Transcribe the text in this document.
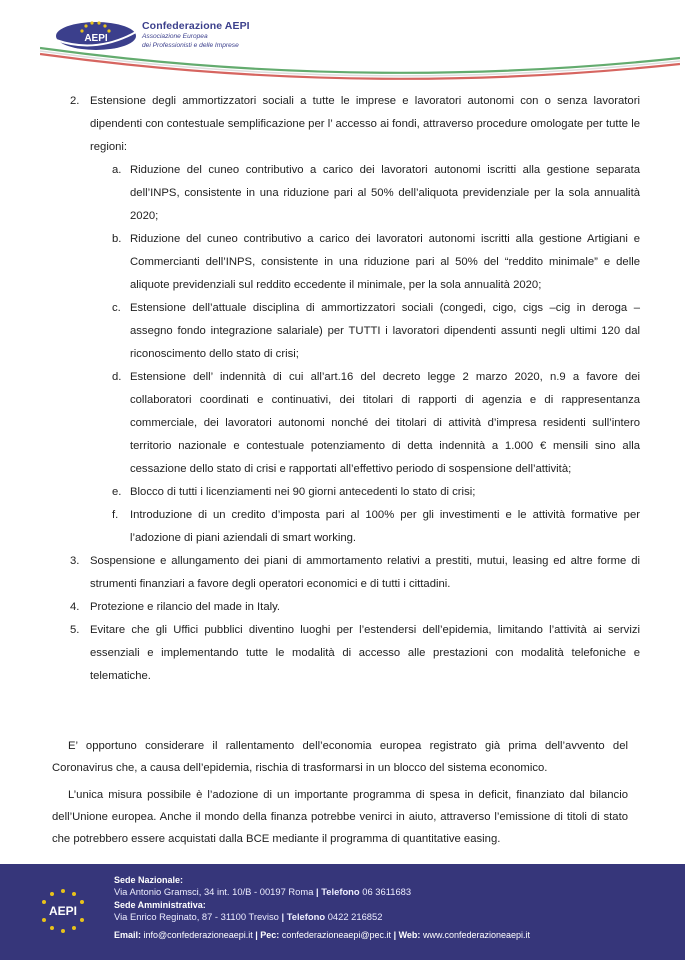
AEPI
Confederazione AEPI
Associazione Europea
dei Professionisti e delle Imprese
2. Estensione degli ammortizzatori sociali a tutte le imprese e lavoratori autonomi con o senza lavoratori dipendenti con contestuale semplificazione per l’ accesso ai fondi, attraverso procedure omologate per tutte le regioni:
a. Riduzione del cuneo contributivo a carico dei lavoratori autonomi iscritti alla gestione separata dell’INPS, consistente in una riduzione pari al 50% dell’aliquota previdenziale per la sola annualità 2020;
b. Riduzione del cuneo contributivo a carico dei lavoratori autonomi iscritti alla gestione Artigiani e Commercianti dell’INPS, consistente in una riduzione pari al 50% del “reddito minimale” e delle aliquote previdenziali sul reddito eccedente il minimale, per la sola annualità 2020;
c. Estensione dell’attuale disciplina di ammortizzatori sociali (congedi, cigo, cigs –cig in deroga – assegno fondo integrazione salariale) per TUTTI i lavoratori dipendenti assunti negli ultimi 120 dal riconoscimento dello stato di crisi;
d. Estensione dell’ indennità di cui all’art.16 del decreto legge 2 marzo 2020, n.9 a favore dei collaboratori coordinati e continuativi, dei titolari di rapporti di agenzia e di rappresentanza commerciale, dei lavoratori autonomi nonché dei titolari di attività d’impresa residenti sull’intero territorio nazionale e contestuale potenziamento di detta indennità a 1.000 € mensili sino alla cessazione dello stato di crisi e rapportati all’effettivo periodo di sospensione dell’attività;
e. Blocco di tutti i licenziamenti nei 90 giorni antecedenti lo stato di crisi;
f.	Introduzione di un credito d’imposta pari al 100% per gli investimenti e le attività formative per l’adozione di piani aziendali di smart working.
3. Sospensione e allungamento dei piani di ammortamento relativi a prestiti, mutui, leasing ed altre forme di strumenti finanziari a favore degli operatori economici e di tutti i cittadini.
4. Protezione e rilancio del made in Italy.
5. Evitare che gli Uffici pubblici diventino luoghi per l’estendersi dell’epidemia, limitando l’attività ai servizi essenziali e implementando tutte le modalità di accesso alle prestazioni con modalità telefoniche e telematiche.

E’ opportuno considerare il rallentamento dell’economia europea registrato già prima dell’avvento del Coronavirus che, a causa dell’epidemia, rischia di trasformarsi in un blocco del sistema economico.

L’unica misura possibile è l’adozione di un importante programma di spesa in deficit, finanziato dal bilancio dell’Unione europea. Anche il mondo della finanza potrebbe venirci in aiuto, attraverso l’emissione di titoli di stato che potrebbero essere acquistati dalla BCE mediante il programma di quantitative easing.

AEPI
Sede Nazionale:
Via Antonio Gramsci, 34 int. 10/B - 00197 Roma | Telefono 06 3611683
Sede Amministrativa:
Via Enrico Reginato, 87 - 31100 Treviso | Telefono 0422 216852
Email: info@confederazioneaepi.it | Pec: confederazioneaepi@pec.it | Web: www.confederazioneaepi.it
